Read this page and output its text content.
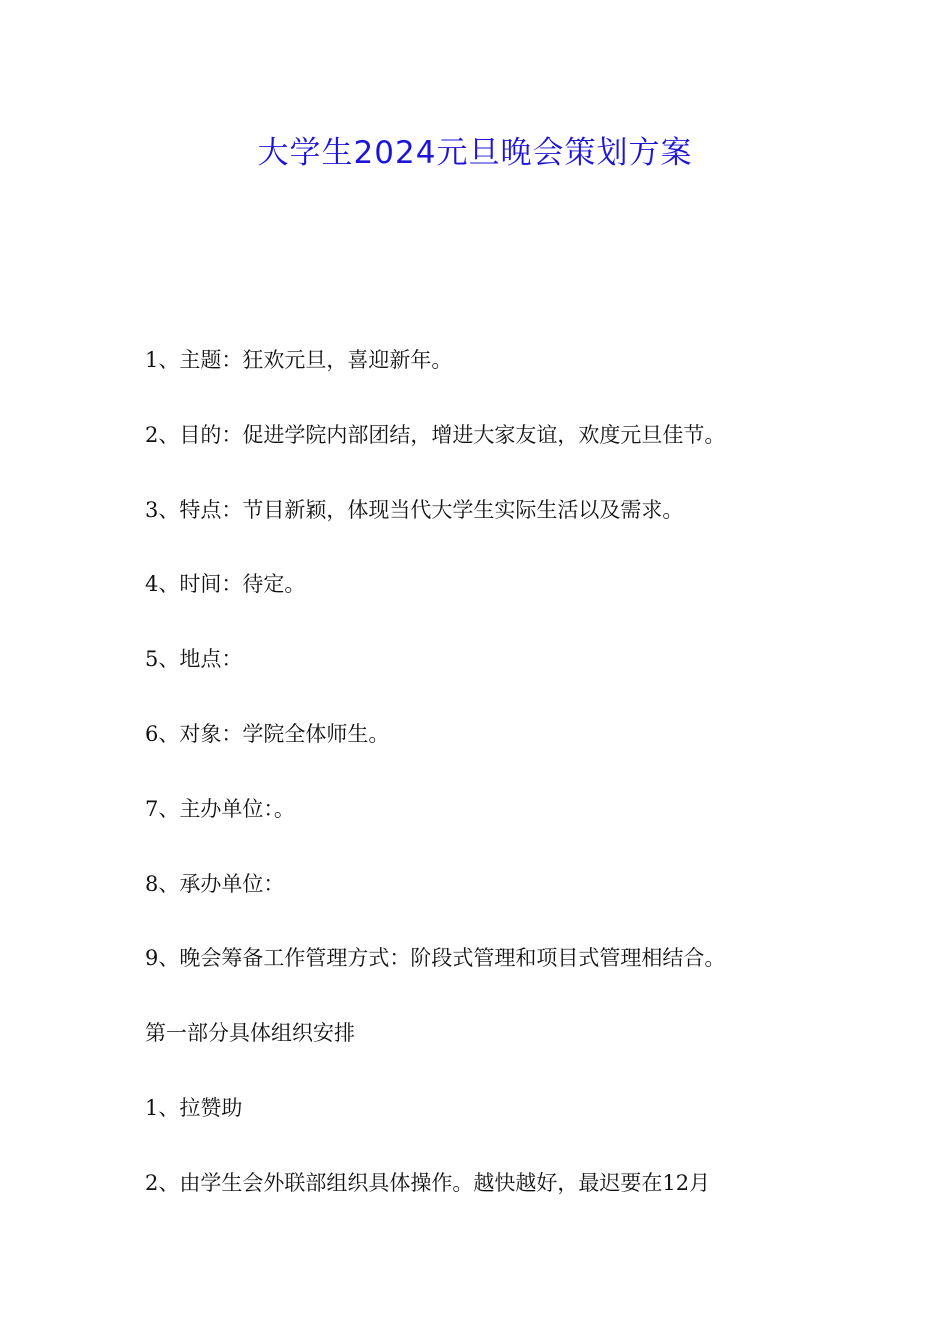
大学生2024元旦晚会策划方案
1、主题：狂欢元旦，喜迎新年。
2、目的：促进学院内部团结，增进大家友谊，欢度元旦佳节。
3、特点：节目新颖，体现当代大学生实际生活以及需求。
4、时间：待定。
5、地点：
6、对象：学院全体师生。
7、主办单位：。
8、承办单位：
9、晚会筹备工作管理方式：阶段式管理和项目式管理相结合。
第一部分具体组织安排
1、拉赞助
2、由学生会外联部组织具体操作。越快越好，最迟要在12月
